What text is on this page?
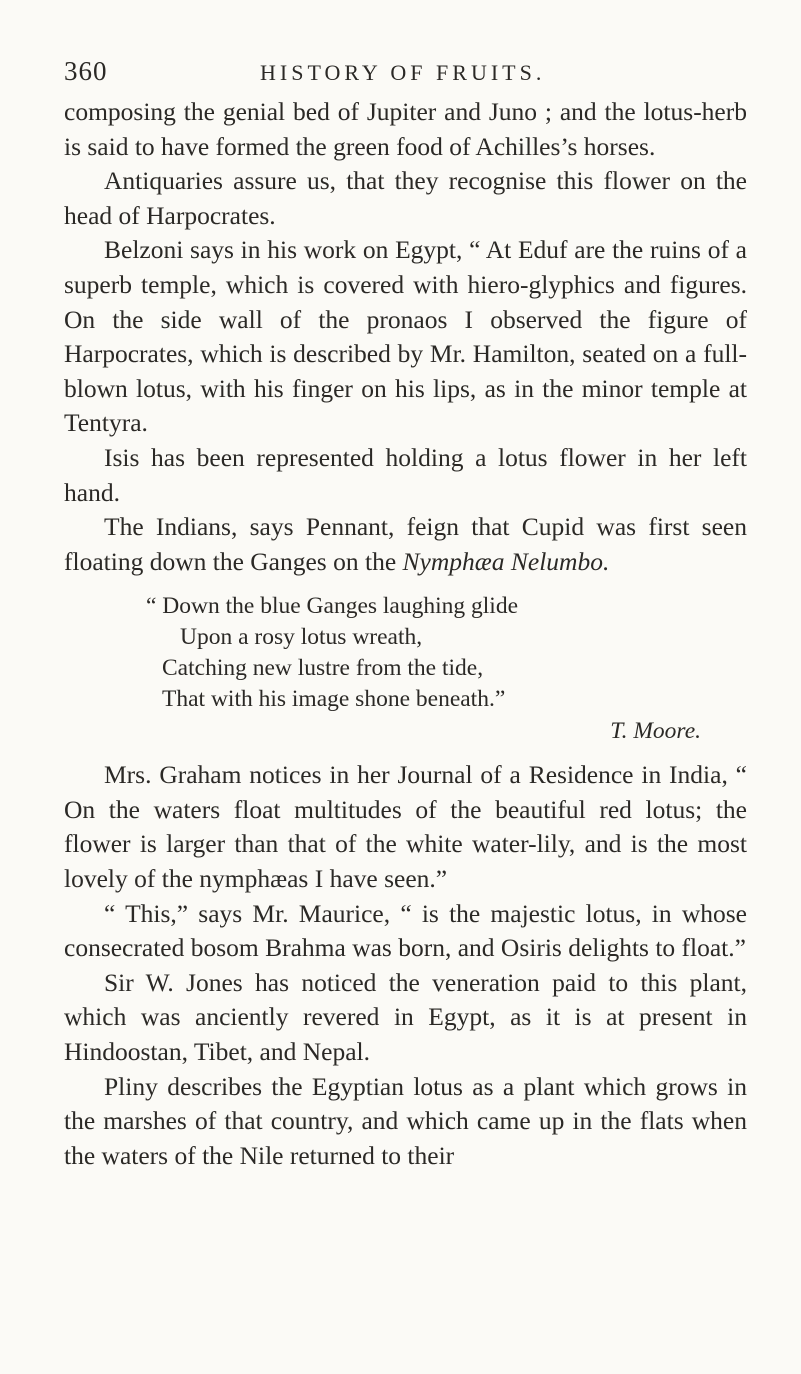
360	HISTORY OF FRUITS.

composing the genial bed of Jupiter and Juno ; and the lotus-herb is said to have formed the green food of Achilles’s horses.

Antiquaries assure us, that they recognise this flower on the head of Harpocrates.

Belzoni says in his work on Egypt, “ At Eduf are the ruins of a superb temple, which is covered with hiero-glyphics and figures. On the side wall of the pronaos I observed the figure of Harpocrates, which is described by Mr. Hamilton, seated on a full-blown lotus, with his finger on his lips, as in the minor temple at Tentyra.

Isis has been represented holding a lotus flower in her left hand.

The Indians, says Pennant, feign that Cupid was first seen floating down the Ganges on the Nymphæa Nelumbo.

“ Down the blue Ganges laughing glide
Upon a rosy lotus wreath,
Catching new lustre from the tide,
That with his image shone beneath.”
T. Moore.

Mrs. Graham notices in her Journal of a Residence in India, “ On the waters float multitudes of the beautiful red lotus; the flower is larger than that of the white water-lily, and is the most lovely of the nymphæas I have seen.”

“ This,” says Mr. Maurice, “ is the majestic lotus, in whose consecrated bosom Brahma was born, and Osiris delights to float.”

Sir W. Jones has noticed the veneration paid to this plant, which was anciently revered in Egypt, as it is at present in Hindoostan, Tibet, and Nepal.

Pliny describes the Egyptian lotus as a plant which grows in the marshes of that country, and which came up in the flats when the waters of the Nile returned to their
